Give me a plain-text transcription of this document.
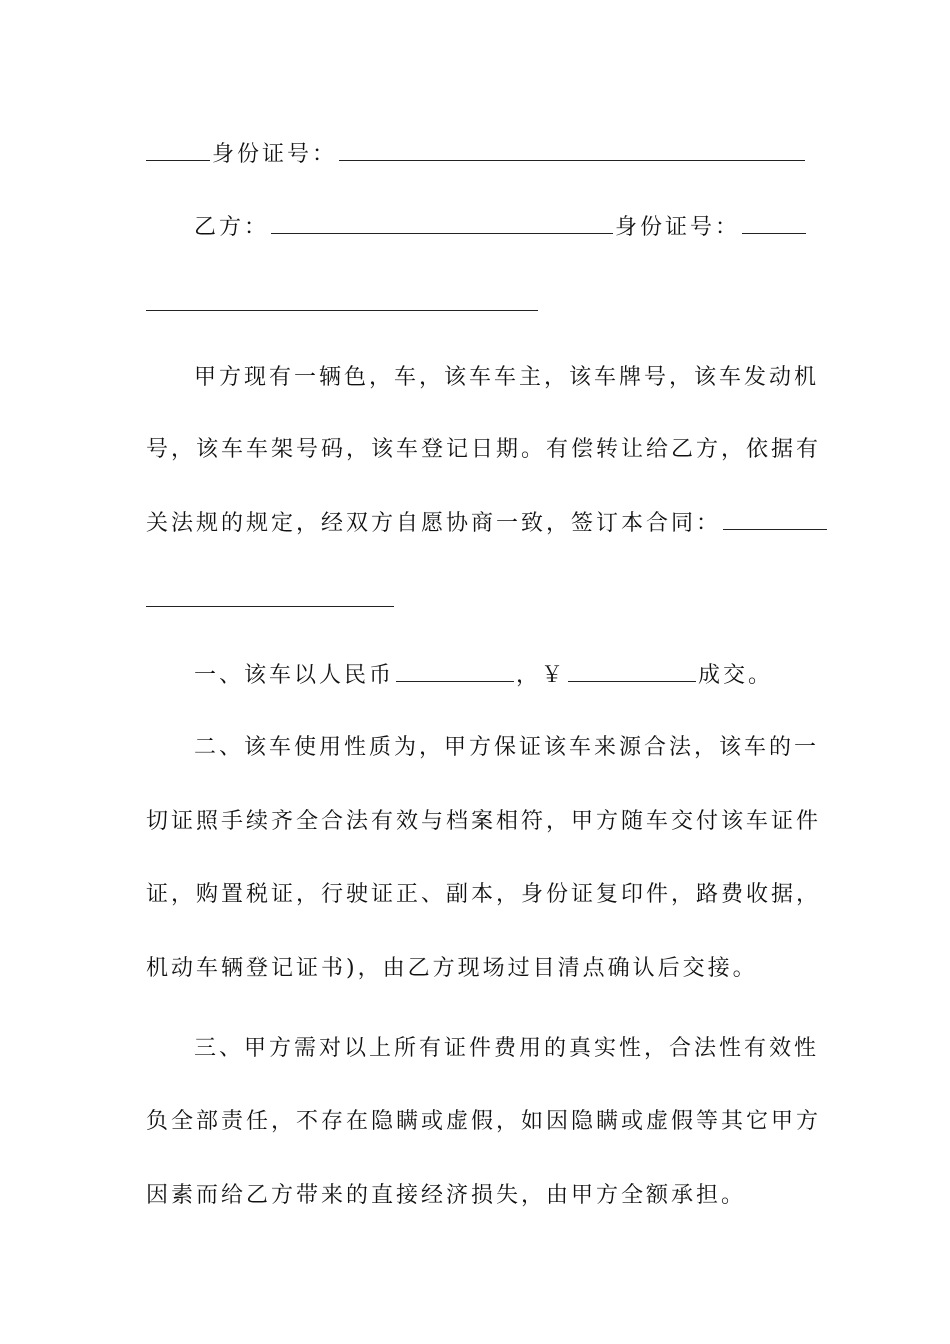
身份证号：
乙方：	身份证号：
甲方现有一辆色，车，该车车主，该车牌号，该车发动机
号，该车车架号码，该车登记日期。有偿转让给乙方，依据有
关法规的规定，经双方自愿协商一致，签订本合同：
一、该车以人民币	，￥	成交。
二、该车使用性质为，甲方保证该车来源合法，该车的一
切证照手续齐全合法有效与档案相符，甲方随车交付该车证件
证，购置税证，行驶证正、副本，身份证复印件，路费收据，
机动车辆登记证书)，由乙方现场过目清点确认后交接。
三、甲方需对以上所有证件费用的真实性，合法性有效性
负全部责任，不存在隐瞒或虚假，如因隐瞒或虚假等其它甲方
因素而给乙方带来的直接经济损失，由甲方全额承担。
